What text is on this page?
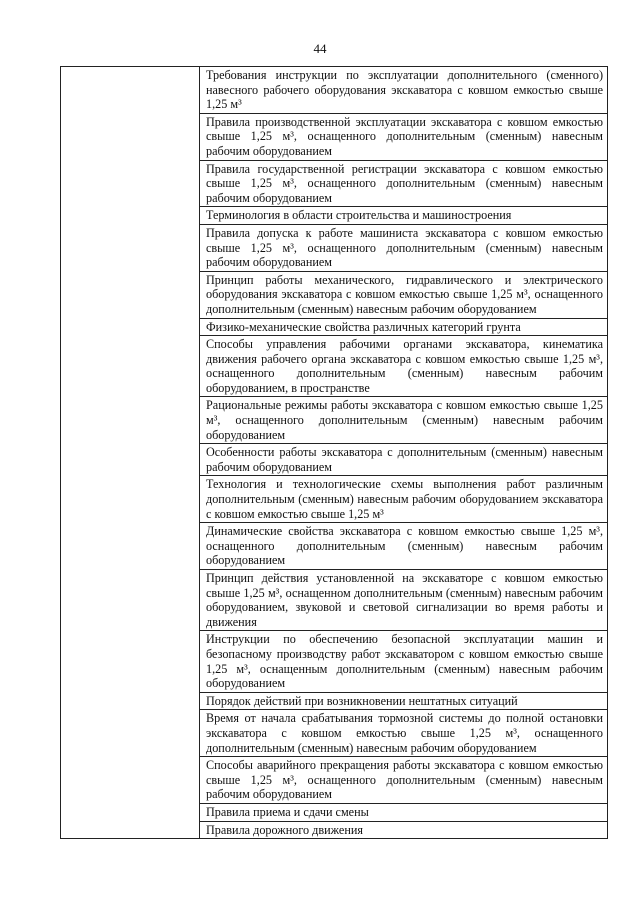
44

Требования инструкции по эксплуатации дополнительного (сменного) навесного рабочего оборудования экскаватора с ковшом емкостью свыше 1,25 м³
Правила производственной эксплуатации экскаватора с ковшом емкостью свыше 1,25 м³, оснащенного дополнительным (сменным) навесным рабочим оборудованием
Правила государственной регистрации экскаватора с ковшом емкостью свыше 1,25 м³, оснащенного дополнительным (сменным) навесным рабочим оборудованием
Терминология в области строительства и машиностроения
Правила допуска к работе машиниста экскаватора с ковшом емкостью свыше 1,25 м³, оснащенного дополнительным (сменным) навесным рабочим оборудованием
Принцип работы механического, гидравлического и электрического оборудования экскаватора с ковшом емкостью свыше 1,25 м³, оснащенного дополнительным (сменным) навесным рабочим оборудованием
Физико-механические свойства различных категорий грунта
Способы управления рабочими органами экскаватора, кинематика движения рабочего органа экскаватора с ковшом емкостью свыше 1,25 м³, оснащенного дополнительным (сменным) навесным рабочим оборудованием, в пространстве
Рациональные режимы работы экскаватора с ковшом емкостью свыше 1,25 м³, оснащенного дополнительным (сменным) навесным рабочим оборудованием
Особенности работы экскаватора с дополнительным (сменным) навесным рабочим оборудованием
Технология и технологические схемы выполнения работ различным дополнительным (сменным) навесным рабочим оборудованием экскаватора с ковшом емкостью свыше 1,25 м³
Динамические свойства экскаватора с ковшом емкостью свыше 1,25 м³, оснащенного дополнительным (сменным) навесным рабочим оборудованием
Принцип действия установленной на экскаваторе с ковшом емкостью свыше 1,25 м³, оснащенном дополнительным (сменным) навесным рабочим оборудованием, звуковой и световой сигнализации во время работы и движения
Инструкции по обеспечению безопасной эксплуатации машин и безопасному производству работ экскаватором с ковшом емкостью свыше 1,25 м³, оснащенным дополнительным (сменным) навесным рабочим оборудованием
Порядок действий при возникновении нештатных ситуаций
Время от начала срабатывания тормозной системы до полной остановки экскаватора с ковшом емкостью свыше 1,25 м³, оснащенного дополнительным (сменным) навесным рабочим оборудованием
Способы аварийного прекращения работы экскаватора с ковшом емкостью свыше 1,25 м³, оснащенного дополнительным (сменным) навесным рабочим оборудованием
Правила приема и сдачи смены
Правила дорожного движения
